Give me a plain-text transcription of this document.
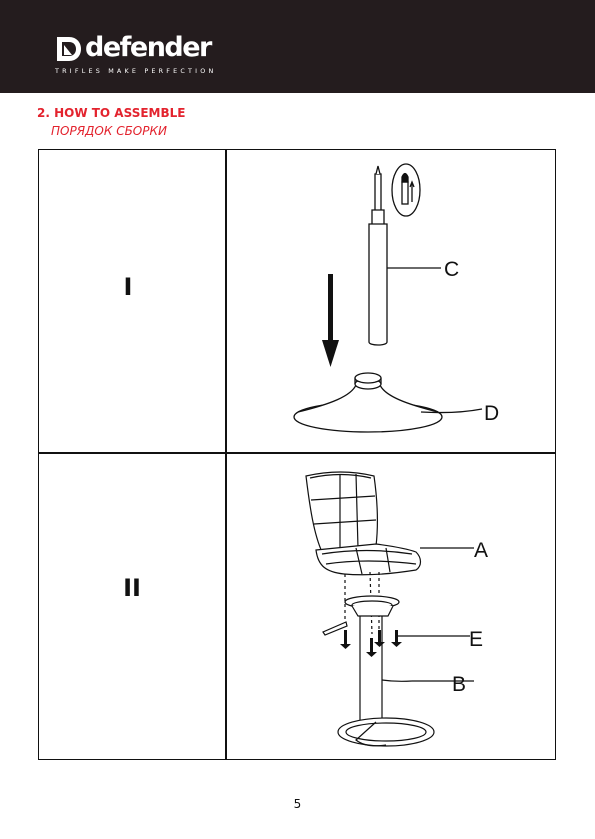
defender
TRIFLES MAKE PERFECTION
2. HOW TO ASSEMBLE
ПОРЯДОК СБОРКИ
I
II
C
D
A
E
B
5
